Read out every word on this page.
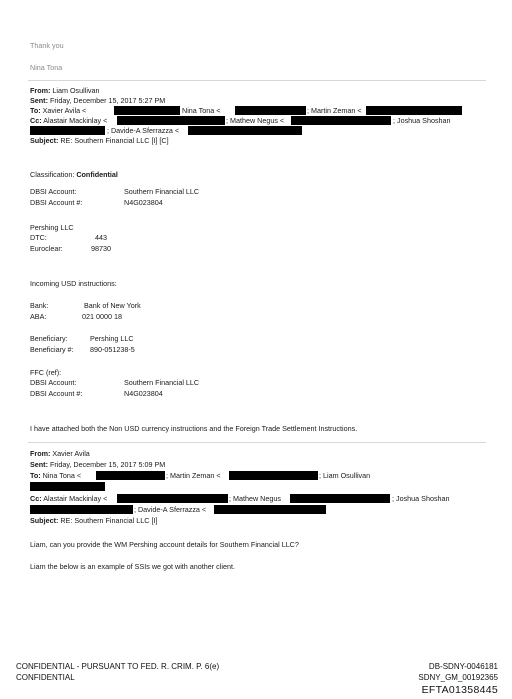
Thank you
Nina Tona
From: Liam Osullivan
Sent: Friday, December 15, 2017 5:27 PM
To: Xavier Avila <	Nina Tona <	; Martin Zeman <
Cc: Alastair Mackinlay <	; Mathew Negus <	; Joshua Shoshan
; Davide-A Sferrazza <
Subject: RE: Southern Financial LLC [I] [C]
Classification: Confidential
DBSI Account:	Southern Financial LLC
DBSI Account #:	N4G023804
Pershing LLC
DTC:	443
Euroclear:	98730
Incoming USD instructions:
Bank:	Bank of New York
ABA:	021 0000 18
Beneficiary:	Pershing LLC
Beneficiary #: 890-051238-5
FFC (ref):
DBSI Account:	Southern Financial LLC
DBSI Account #:	N4G023804
I have attached both the Non USD currency instructions and the Foreign Trade Settlement Instructions.
From: Xavier Avila
Sent: Friday, December 15, 2017 5:09 PM
To: Nina Tona <	; Martin Zeman <	; Liam Osullivan
Cc: Alastair Mackinlay <	; Mathew Negus	; Joshua Shoshan
; Davide-A Sferrazza <
Subject: RE: Southern Financial LLC [I]
Liam, can you provide the WM Pershing account details for Southern Financial LLC?
Liam the below is an example of SSIs we got with another client.
CONFIDENTIAL - PURSUANT TO FED. R. CRIM. P. 6(e)
CONFIDENTIAL
DB-SDNY-0046181
SDNY_GM_00192365
EFTA01358445
